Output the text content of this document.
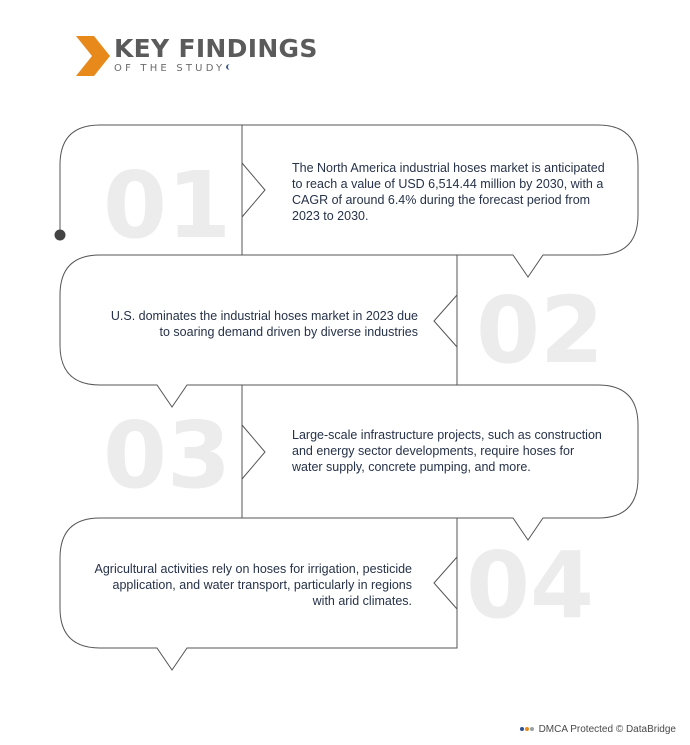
KEY FINDINGS
OF THE STUDY
01	The North America industrial hoses market is anticipated to reach a value of USD 6,514.44 million by 2030, with a CAGR of around 6.4% during the forecast period from 2023 to 2030.
02
U.S. dominates the industrial hoses market in 2023 due to soaring demand driven by diverse industries
03	Large-scale infrastructure projects, such as construction and energy sector developments, require hoses for water supply, concrete pumping, and more.
04
Agricultural activities rely on hoses for irrigation, pesticide application, and water transport, particularly in regions with arid climates.
DMCA Protected © DataBridge
